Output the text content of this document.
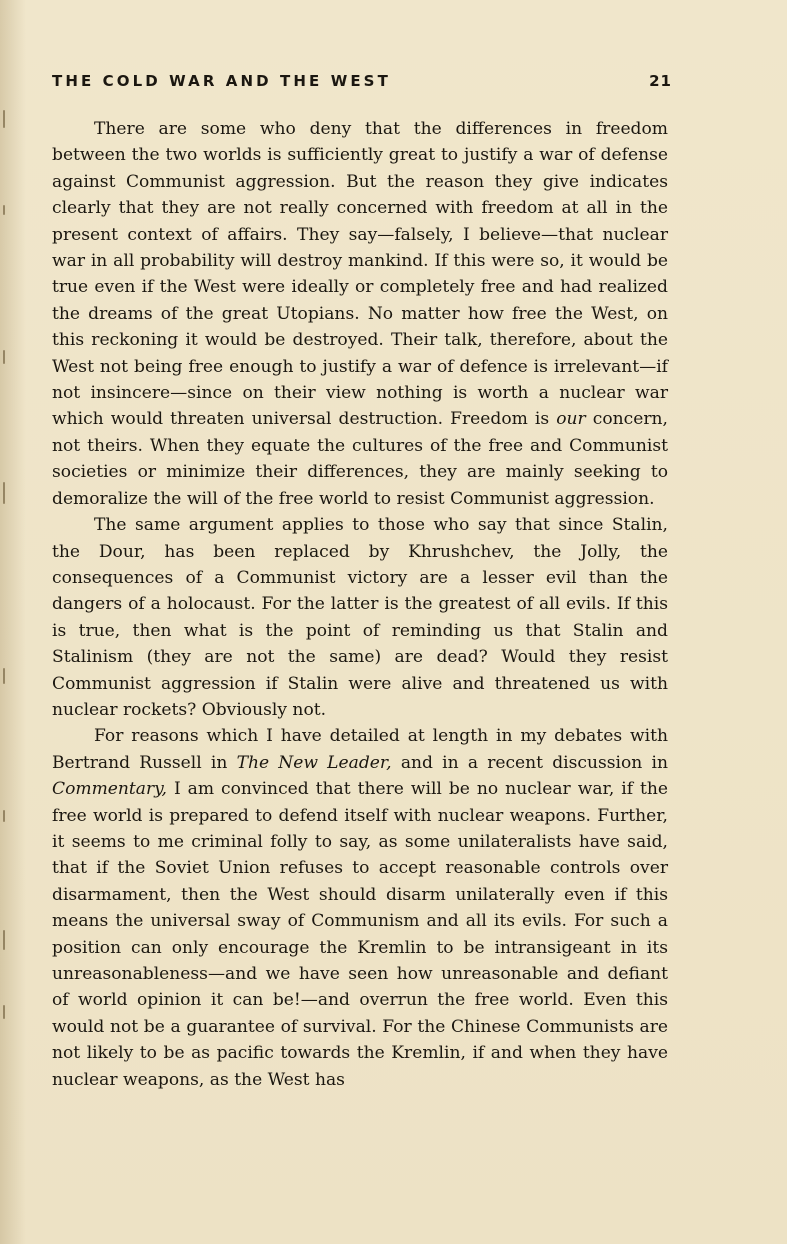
THE COLD WAR AND THE WEST	21

There are some who deny that the differences in freedom between the two worlds is sufficiently great to justify a war of defense against Communist aggression. But the reason they give indicates clearly that they are not really concerned with freedom at all in the present context of affairs. They say—falsely, I believe—that nuclear war in all probability will destroy mankind. If this were so, it would be true even if the West were ideally or completely free and had realized the dreams of the great Utopians. No matter how free the West, on this reckoning it would be destroyed. Their talk, therefore, about the West not being free enough to justify a war of defence is irrelevant—if not insincere—since on their view nothing is worth a nuclear war which would threaten universal destruction. Freedom is our concern, not theirs. When they equate the cultures of the free and Communist societies or minimize their differences, they are mainly seeking to demoralize the will of the free world to resist Communist aggression.

The same argument applies to those who say that since Stalin, the Dour, has been replaced by Khrushchev, the Jolly, the consequences of a Communist victory are a lesser evil than the dangers of a holocaust. For the latter is the greatest of all evils. If this is true, then what is the point of reminding us that Stalin and Stalinism (they are not the same) are dead? Would they resist Communist aggression if Stalin were alive and threatened us with nuclear rockets? Obviously not.

For reasons which I have detailed at length in my debates with Bertrand Russell in The New Leader, and in a recent discussion in Commentary, I am convinced that there will be no nuclear war, if the free world is prepared to defend itself with nuclear weapons. Further, it seems to me criminal folly to say, as some unilateralists have said, that if the Soviet Union refuses to accept reasonable controls over disarmament, then the West should disarm unilaterally even if this means the universal sway of Communism and all its evils. For such a position can only encourage the Kremlin to be intransigeant in its unreasonableness—and we have seen how unreasonable and defiant of world opinion it can be!—and overrun the free world. Even this would not be a guarantee of survival. For the Chinese Communists are not likely to be as pacific towards the Kremlin, if and when they have nuclear weapons, as the West has
